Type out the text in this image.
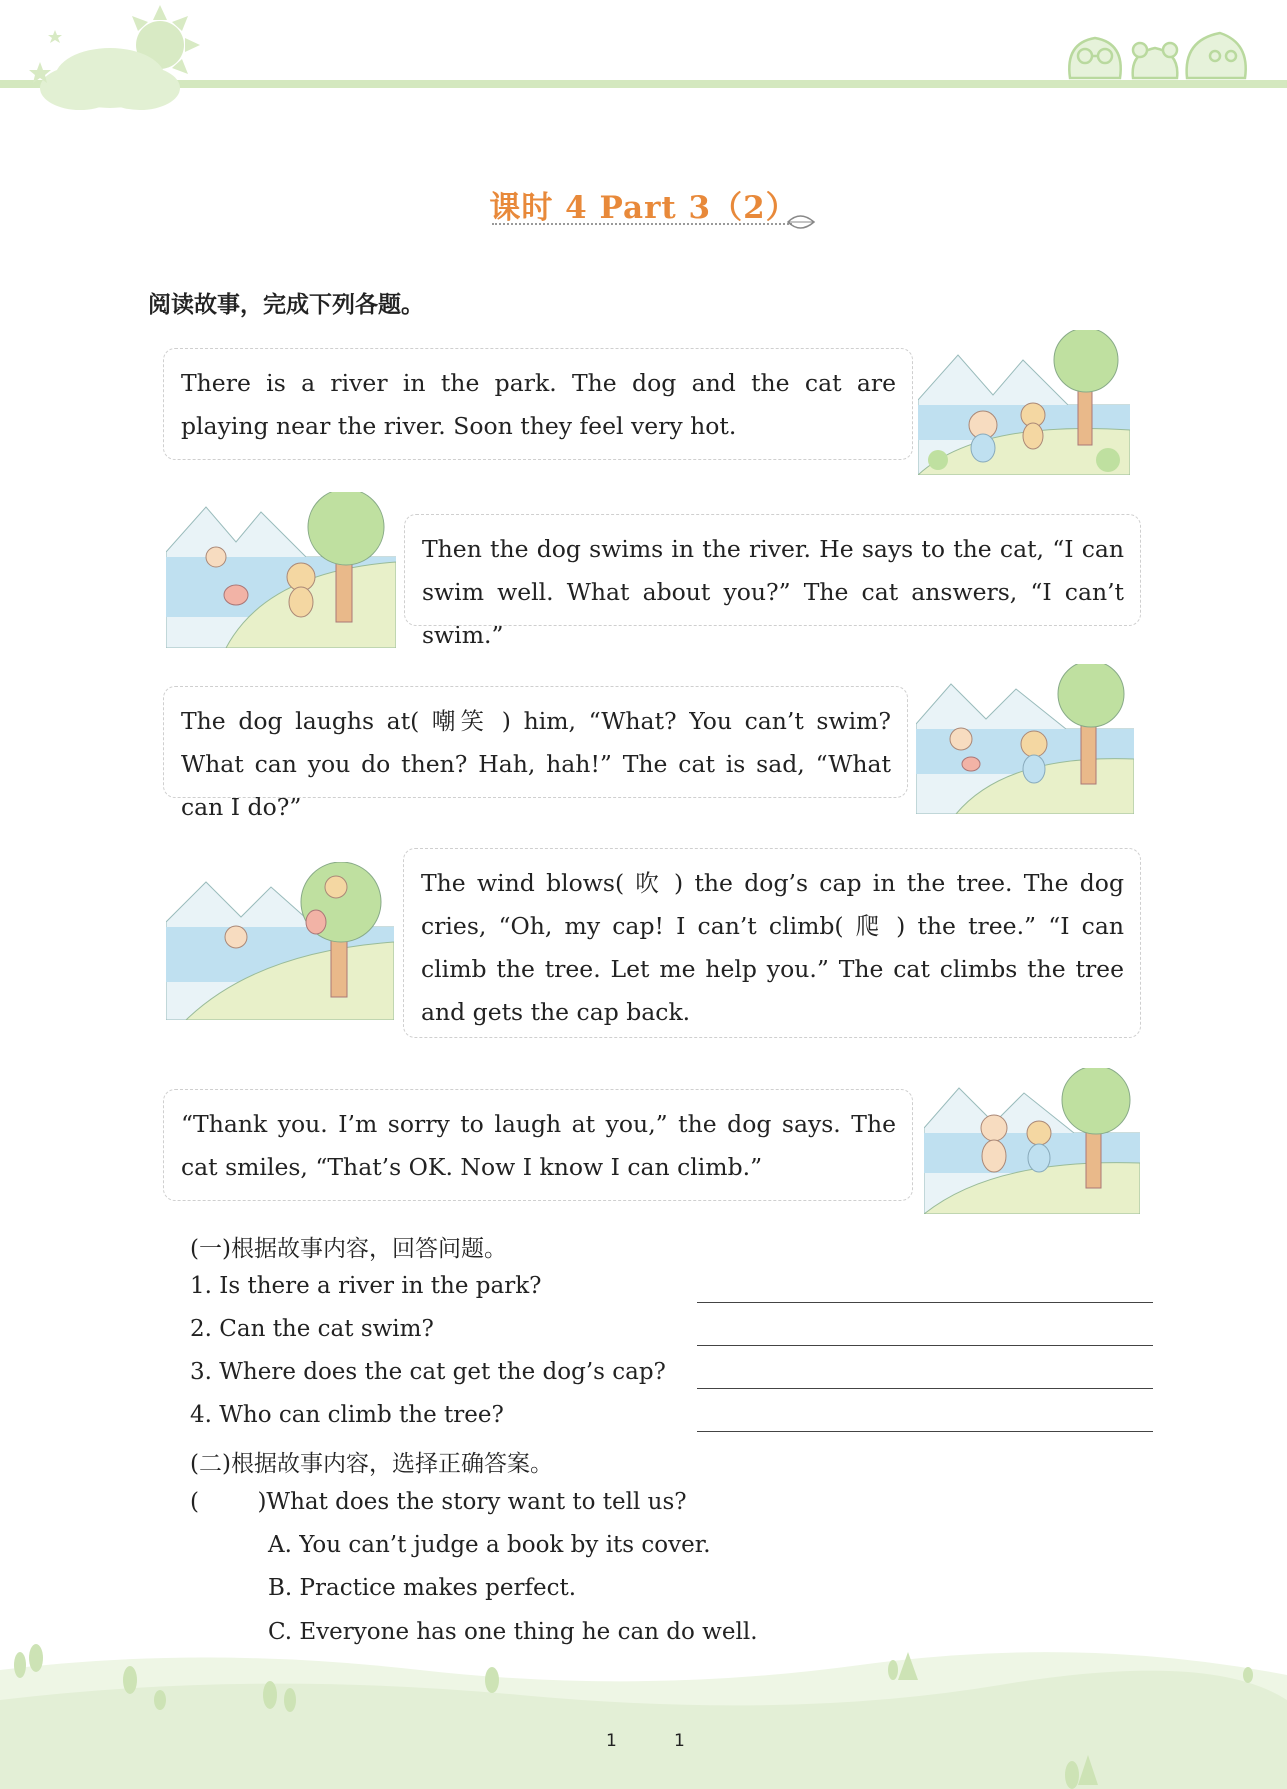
课时 4 Part 3（2）
阅读故事，完成下列各题。
There is a river in the park. The dog and the cat are playing near the river. Soon they feel very hot.
Then the dog swims in the river. He says to the cat, “I can swim well. What about you?” The cat answers, “I can’t swim.”
The dog laughs at( 嘲笑 ) him, “What? You can’t swim? What can you do then? Hah, hah!” The cat is sad, “What can I do?”
The wind blows( 吹 ) the dog’s cap in the tree. The dog cries, “Oh, my cap! I can’t climb( 爬 ) the tree.” “I can climb the tree. Let me help you.” The cat climbs the tree and gets the cap back.
“Thank you. I’m sorry to laugh at you,” the dog says. The cat smiles, “That’s OK. Now I know I can climb.”
(一)根据故事内容，回答问题。
1. Is there a river in the park?
2. Can the cat swim?
3. Where does the cat get the dog’s cap?
4. Who can climb the tree?
(二)根据故事内容，选择正确答案。
(        )What does the story want to tell us?
A. You can’t judge a book by its cover.
B. Practice makes perfect.
C. Everyone has one thing he can do well.
1	1
